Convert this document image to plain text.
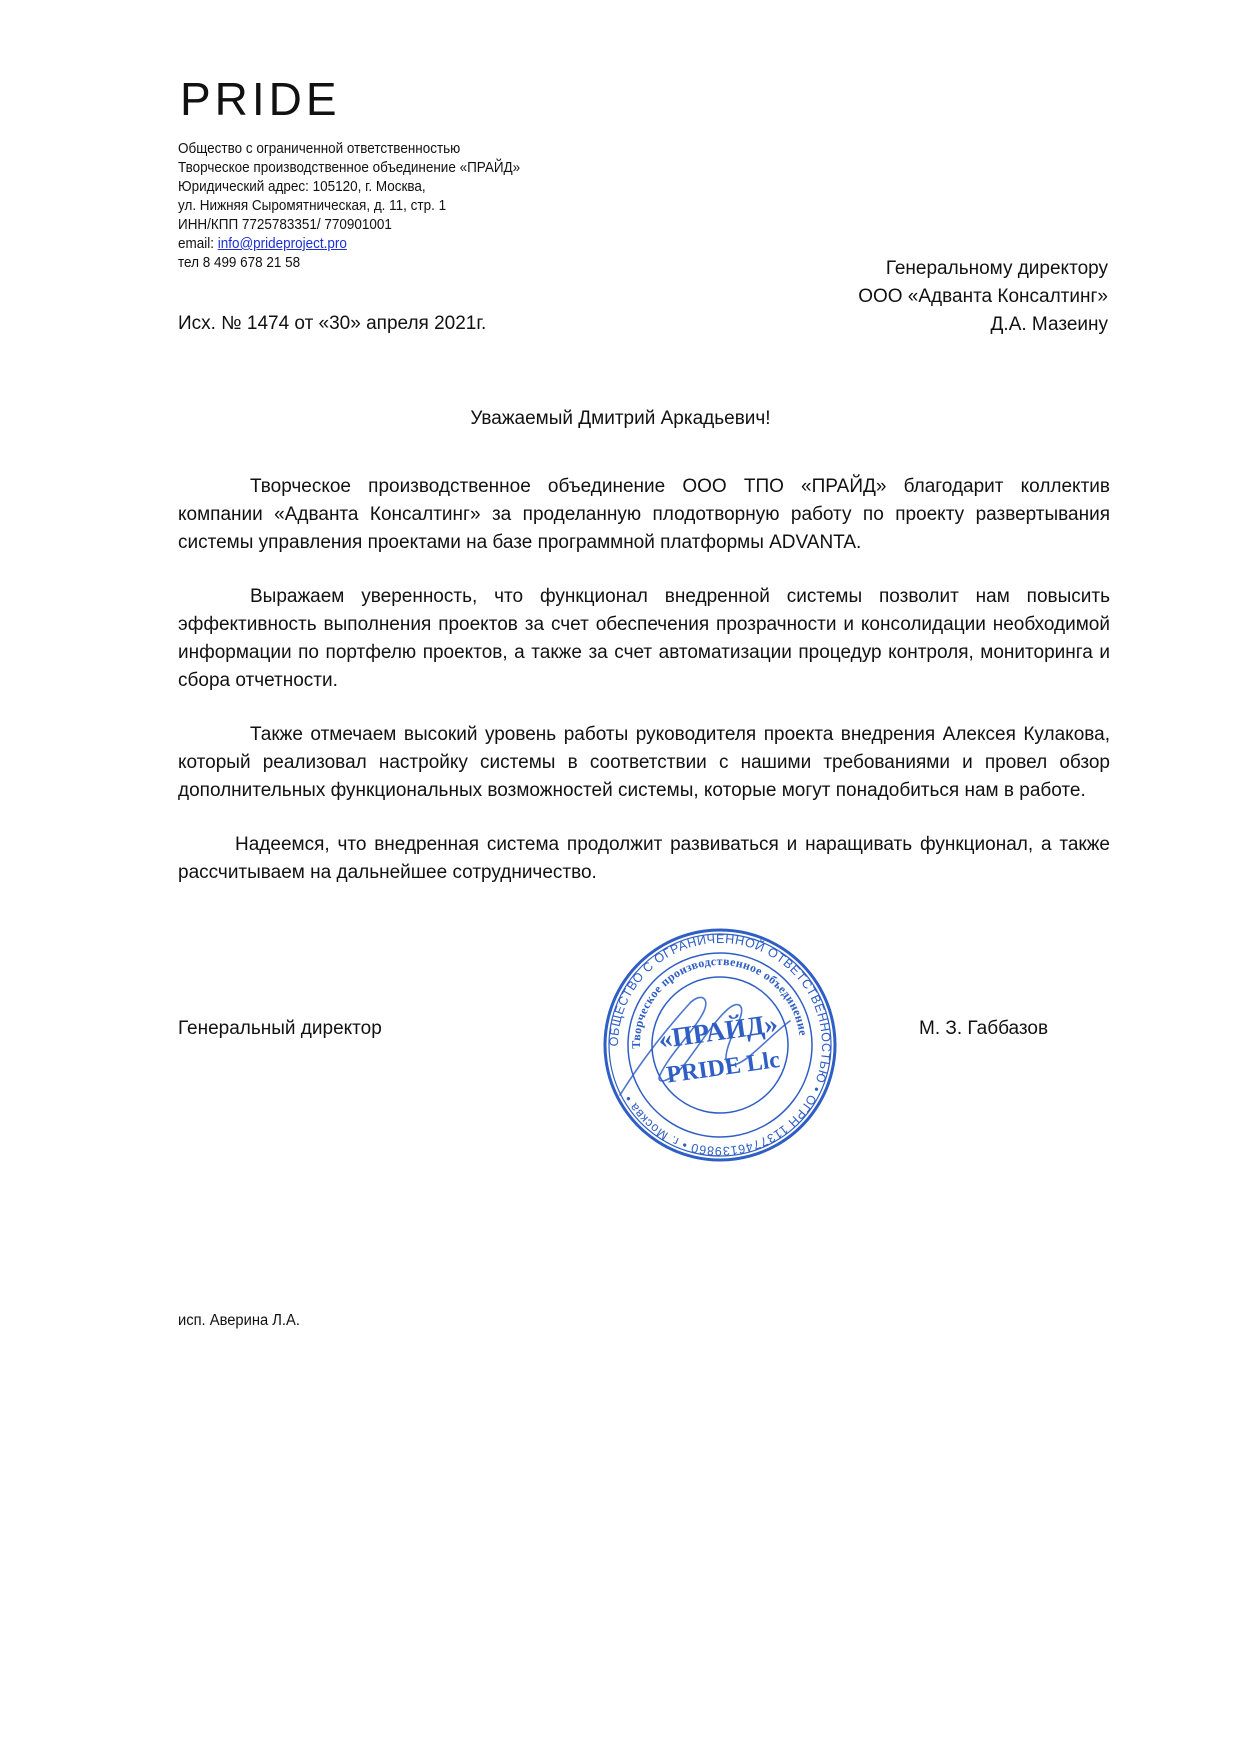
PRIDE
Общество с ограниченной ответственностью
Творческое производственное объединение «ПРАЙД»
Юридический адрес: 105120, г. Москва,
ул. Нижняя Сыромятническая, д. 11, стр. 1
ИНН/КПП 7725783351/ 770901001
email: info@prideproject.pro
тел 8 499 678 21 58	Генеральному директору
ООО «Адванта Консалтинг»
Д.А. Мазеину
Исх. № 1474 от «30» апреля 2021г.
Уважаемый Дмитрий Аркадьевич!

Творческое производственное объединение ООО ТПО «ПРАЙД» благодарит коллектив компании «Адванта Консалтинг» за проделанную плодотворную работу по проекту развертывания системы управления проектами на базе программной платформы ADVANTA.

Выражаем уверенность, что функционал внедренной системы позволит нам повысить эффективность выполнения проектов за счет обеспечения прозрачности и консолидации необходимой информации по портфелю проектов, а также за счет автоматизации процедур контроля, мониторинга и сбора отчетности.

Также отмечаем высокий уровень работы руководителя проекта внедрения Алексея Кулакова, который реализовал настройку системы в соответствии с нашими требованиями и провел обзор дополнительных функциональных возможностей системы, которые могут понадобиться нам в работе.

Надеемся, что внедренная система продолжит развиваться и наращивать функционал, а также рассчитываем на дальнейшее сотрудничество.

Генеральный директор
ОБЩЕСТВО С ОГРАНИЧЕННОЙ ОТВЕТСТВЕННОСТЬЮ • ОГРН 1137746139860 • г. Москва •
Творческое производственное объединение
«ПРАЙД»
PRIDE Llc
М. З. Габбазов
исп. Аверина Л.А.
